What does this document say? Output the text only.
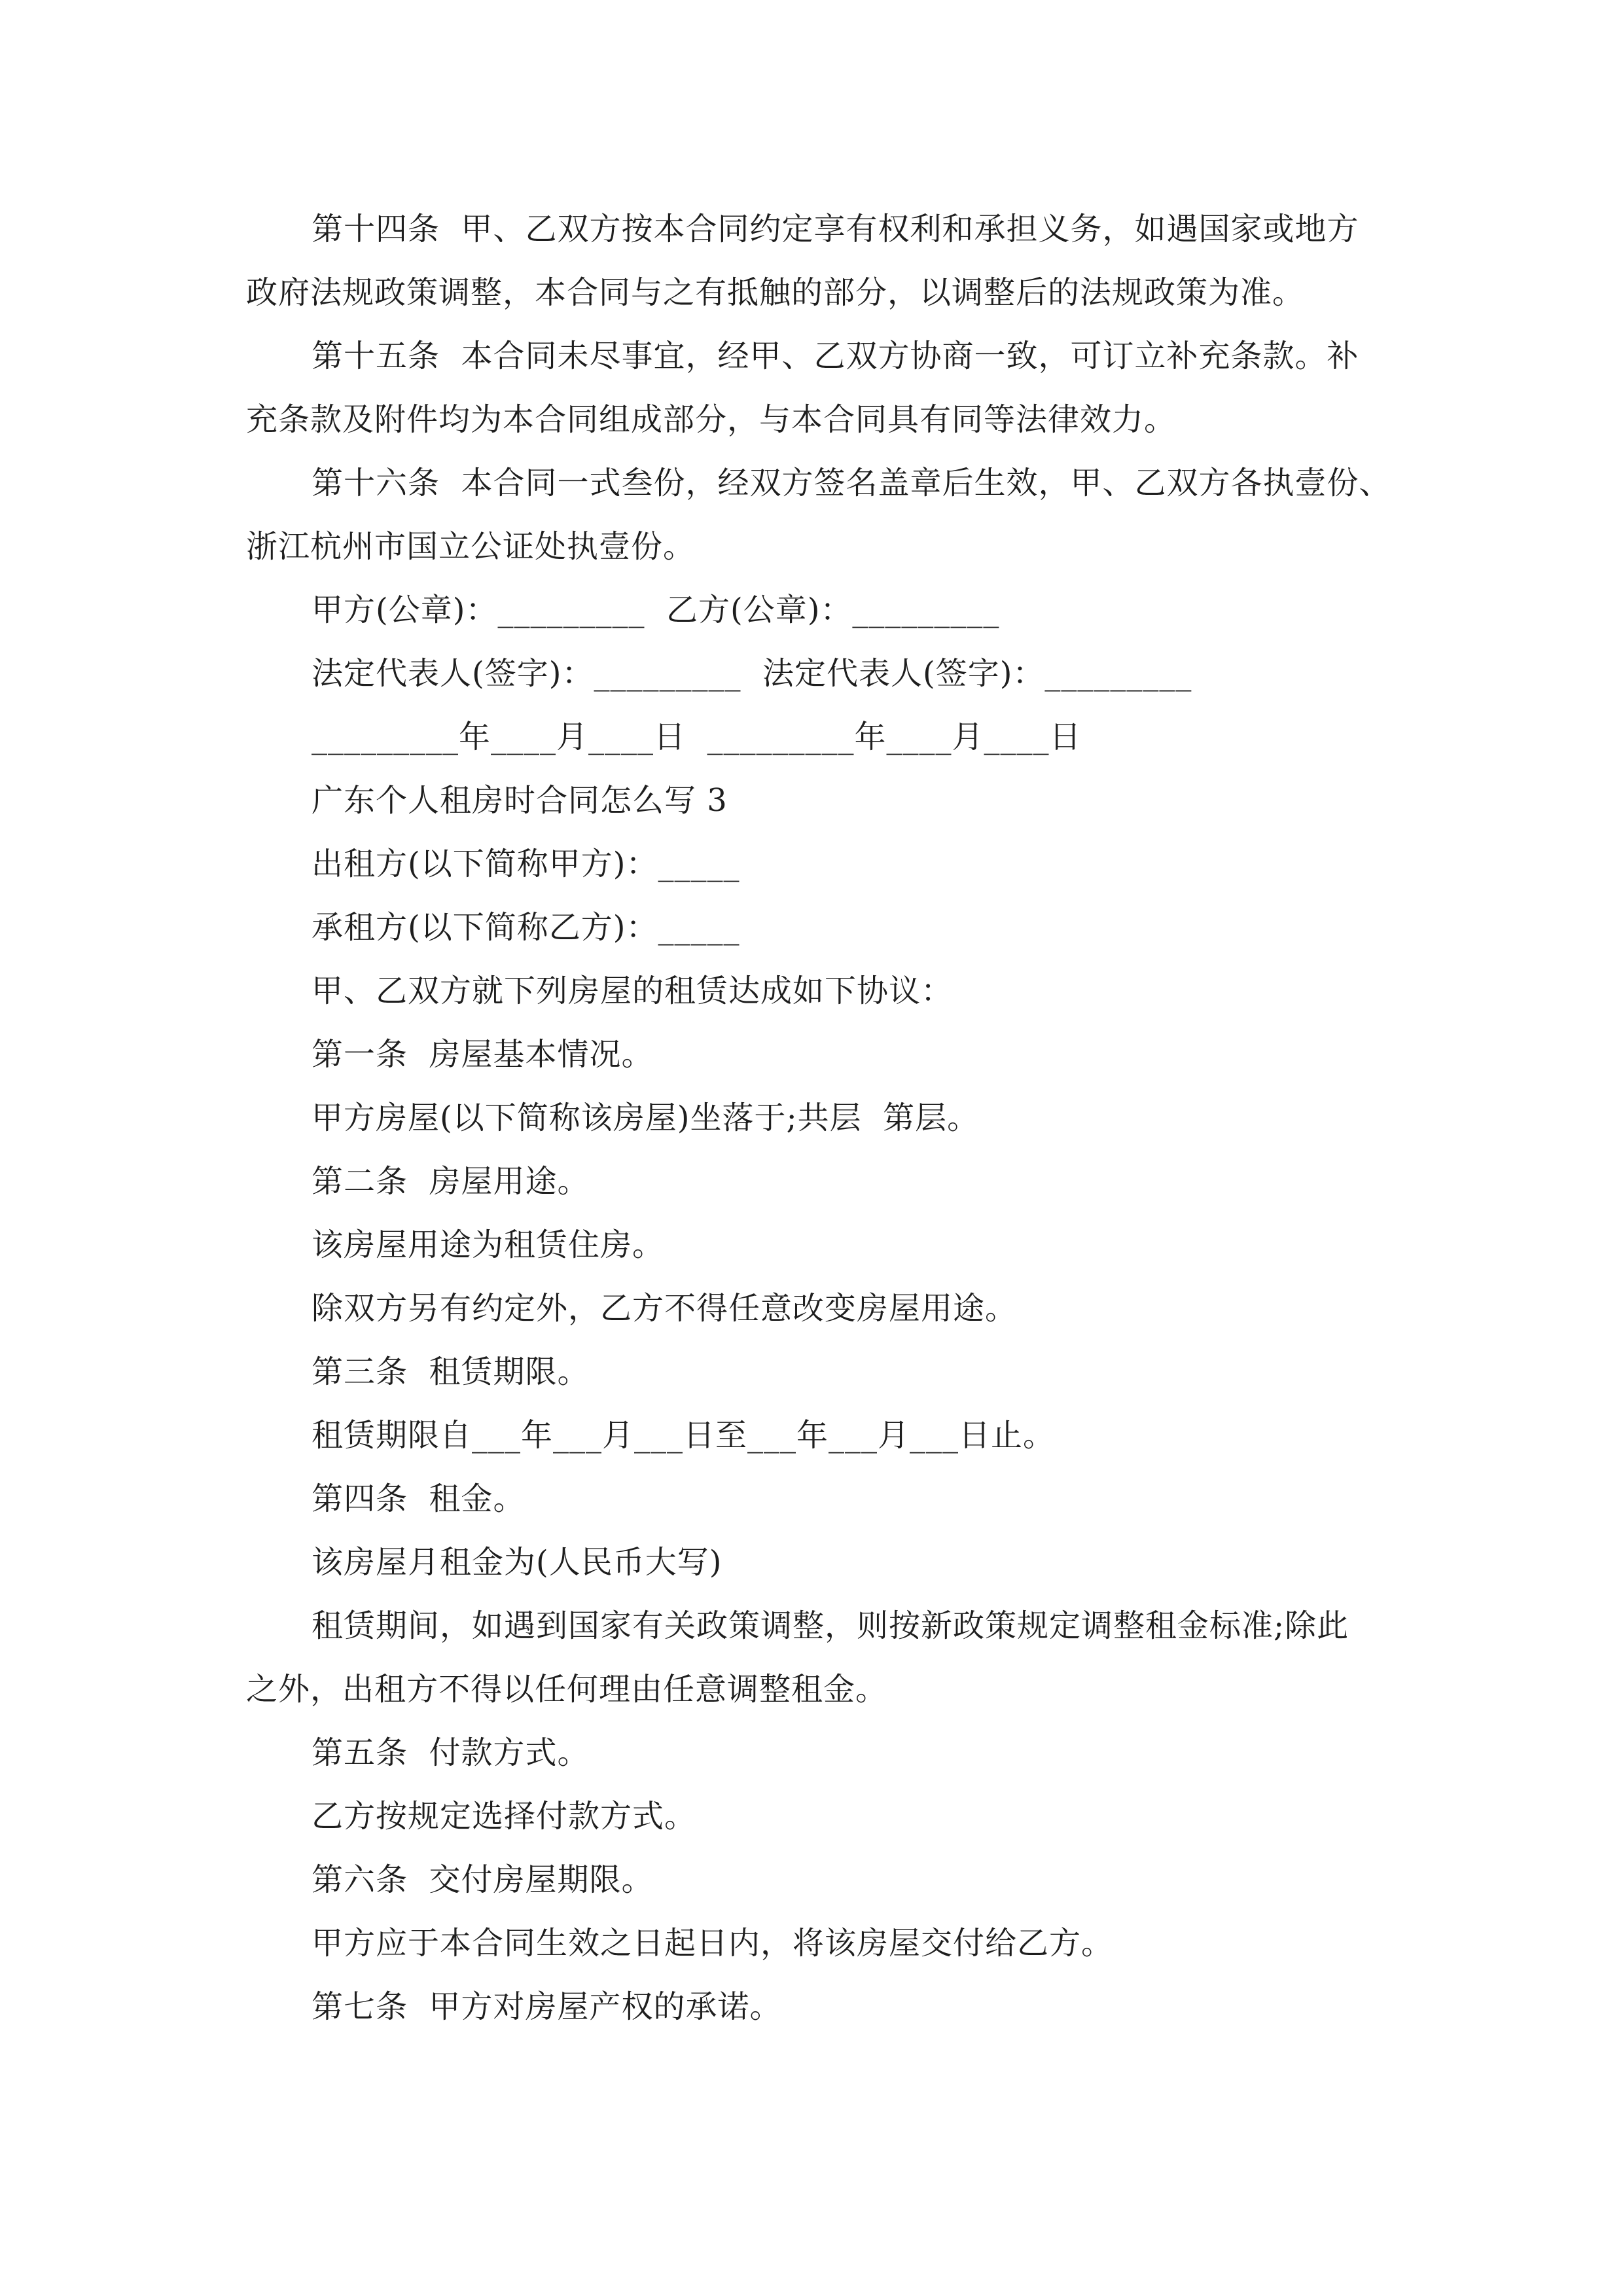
第十四条  甲、乙双方按本合同约定享有权利和承担义务，如遇国家或地方

政府法规政策调整，本合同与之有抵触的部分，以调整后的法规政策为准。

第十五条  本合同未尽事宜，经甲、乙双方协商一致，可订立补充条款。补

充条款及附件均为本合同组成部分，与本合同具有同等法律效力。

第十六条  本合同一式叁份，经双方签名盖章后生效，甲、乙双方各执壹份、

浙江杭州市国立公证处执壹份。

甲方(公章)：_________  乙方(公章)：_________

法定代表人(签字)：_________  法定代表人(签字)：_________

_________年____月____日  _________年____月____日

广东个人租房时合同怎么写 3

出租方(以下简称甲方)：_____

承租方(以下简称乙方)：_____

甲、乙双方就下列房屋的租赁达成如下协议：

第一条  房屋基本情况。

甲方房屋(以下简称该房屋)坐落于;共层  第层。

第二条  房屋用途。

该房屋用途为租赁住房。

除双方另有约定外，乙方不得任意改变房屋用途。

第三条  租赁期限。

租赁期限自___年___月___日至___年___月___日止。

第四条  租金。

该房屋月租金为(人民币大写)

租赁期间，如遇到国家有关政策调整，则按新政策规定调整租金标准;除此

之外，出租方不得以任何理由任意调整租金。

第五条  付款方式。

乙方按规定选择付款方式。

第六条  交付房屋期限。

甲方应于本合同生效之日起日内，将该房屋交付给乙方。

第七条  甲方对房屋产权的承诺。
